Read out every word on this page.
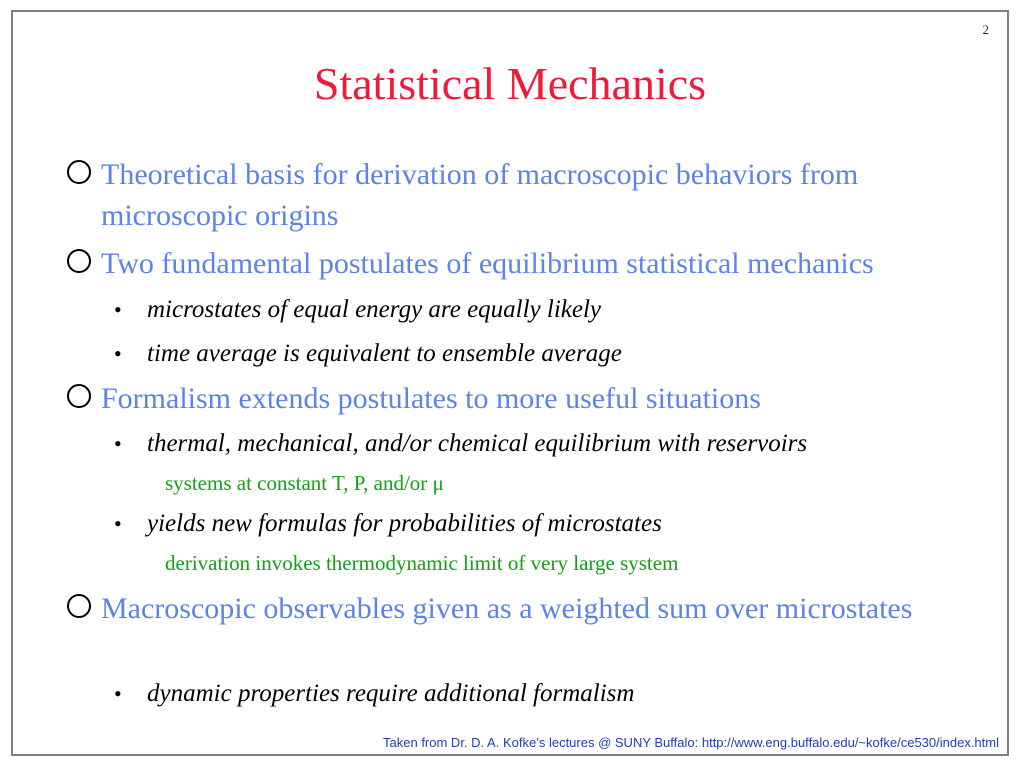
2
Statistical Mechanics
Theoretical basis for derivation of macroscopic behaviors from microscopic origins
Two fundamental postulates of equilibrium statistical mechanics
•	microstates of equal energy are equally likely
•	time average is equivalent to ensemble average
Formalism extends postulates to more useful situations
•	thermal, mechanical, and/or chemical equilibrium with reservoirs
systems at constant T, P, and/or μ
•	yields new formulas for probabilities of microstates
derivation invokes thermodynamic limit of very large system
Macroscopic observables given as a weighted sum over microstates
•	dynamic properties require additional formalism
Taken from Dr. D. A. Kofke’s lectures @ SUNY Buffalo: http://www.eng.buffalo.edu/~kofke/ce530/index.html
